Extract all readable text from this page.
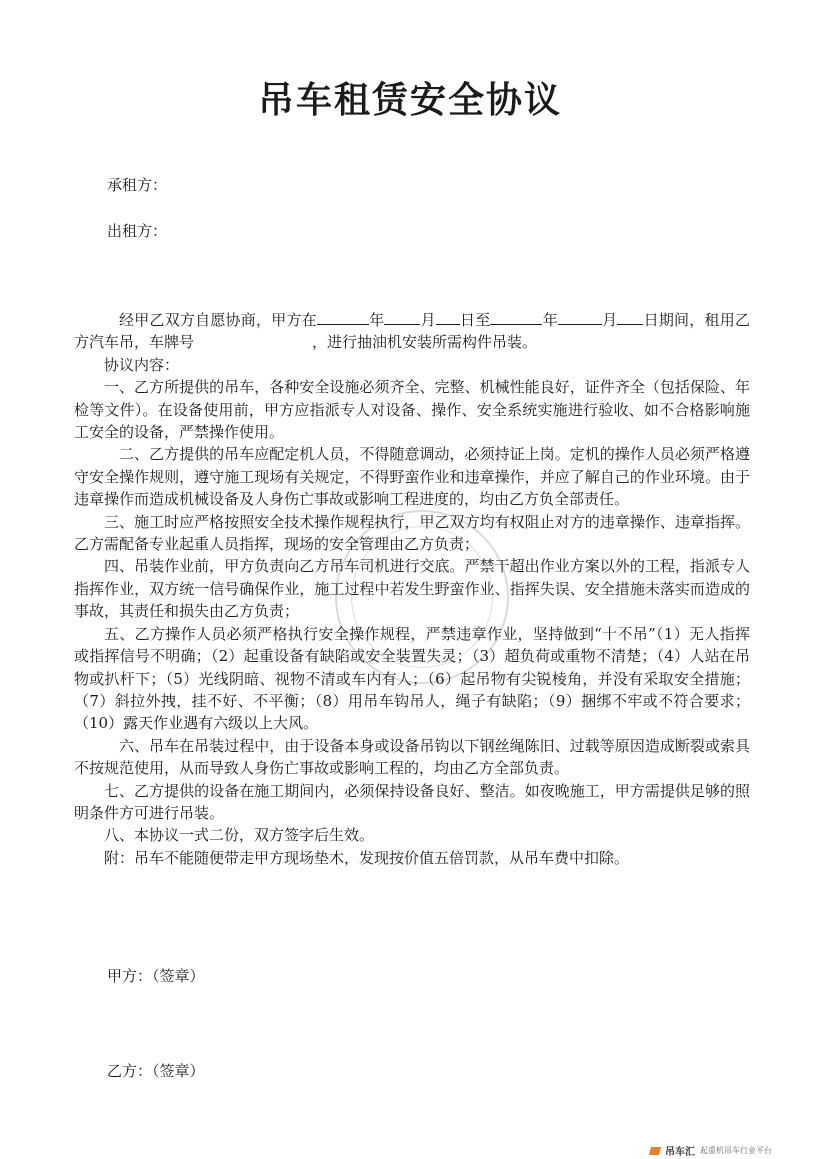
吊车租赁安全协议
承租方：
出租方：

经甲乙双方自愿协商，甲方在	年 月 日至	年	月 日期间，租用乙方汽车吊，车牌号	，进行抽油机安装所需构件吊装。

协议内容：

一、乙方所提供的吊车，各种安全设施必须齐全、完整、机械性能良好，证件齐全（包括保险、年检等文件）。在设备使用前，甲方应指派专人对设备、操作、安全系统实施进行验收、如不合格影响施工安全的设备，严禁操作使用。

二、乙方提供的吊车应配定机人员，不得随意调动，必须持证上岗。定机的操作人员必须严格遵守安全操作规则，遵守施工现场有关规定，不得野蛮作业和违章操作，并应了解自己的作业环境。由于违章操作而造成机械设备及人身伤亡事故或影响工程进度的，均由乙方负全部责任。

三、施工时应严格按照安全技术操作规程执行，甲乙双方均有权阻止对方的违章操作、违章指挥。乙方需配备专业起重人员指挥，现场的安全管理由乙方负责；

四、吊装作业前，甲方负责向乙方吊车司机进行交底。严禁干超出作业方案以外的工程，指派专人指挥作业，双方统一信号确保作业，施工过程中若发生野蛮作业、指挥失误、安全措施未落实而造成的事故，其责任和损失由乙方负责；

五、乙方操作人员必须严格执行安全操作规程，严禁违章作业，坚持做到“十不吊”（1）无人指挥或指挥信号不明确；（2）起重设备有缺陷或安全装置失灵；（3）超负荷或重物不清楚；（4）人站在吊物或扒杆下；（5）光线阴暗、视物不清或车内有人；（6）起吊物有尖锐棱角，并没有采取安全措施；（7）斜拉外拽，挂不好、不平衡；（8）用吊车钩吊人，绳子有缺陷；（9）捆绑不牢或不符合要求；（10）露天作业遇有六级以上大风。

六、吊车在吊装过程中，由于设备本身或设备吊钩以下钢丝绳陈旧、过载等原因造成断裂或索具不按规范使用，从而导致人身伤亡事故或影响工程的，均由乙方全部负责。

七、乙方提供的设备在施工期间内，必须保持设备良好、整洁。如夜晚施工，甲方需提供足够的照明条件方可进行吊装。

八、本协议一式二份，双方签字后生效。

附：吊车不能随便带走甲方现场垫木，发现按价值五倍罚款，从吊车费中扣除。

甲方：（签章）
乙方：（签章）
吊车汇 起重机吊车行业平台
